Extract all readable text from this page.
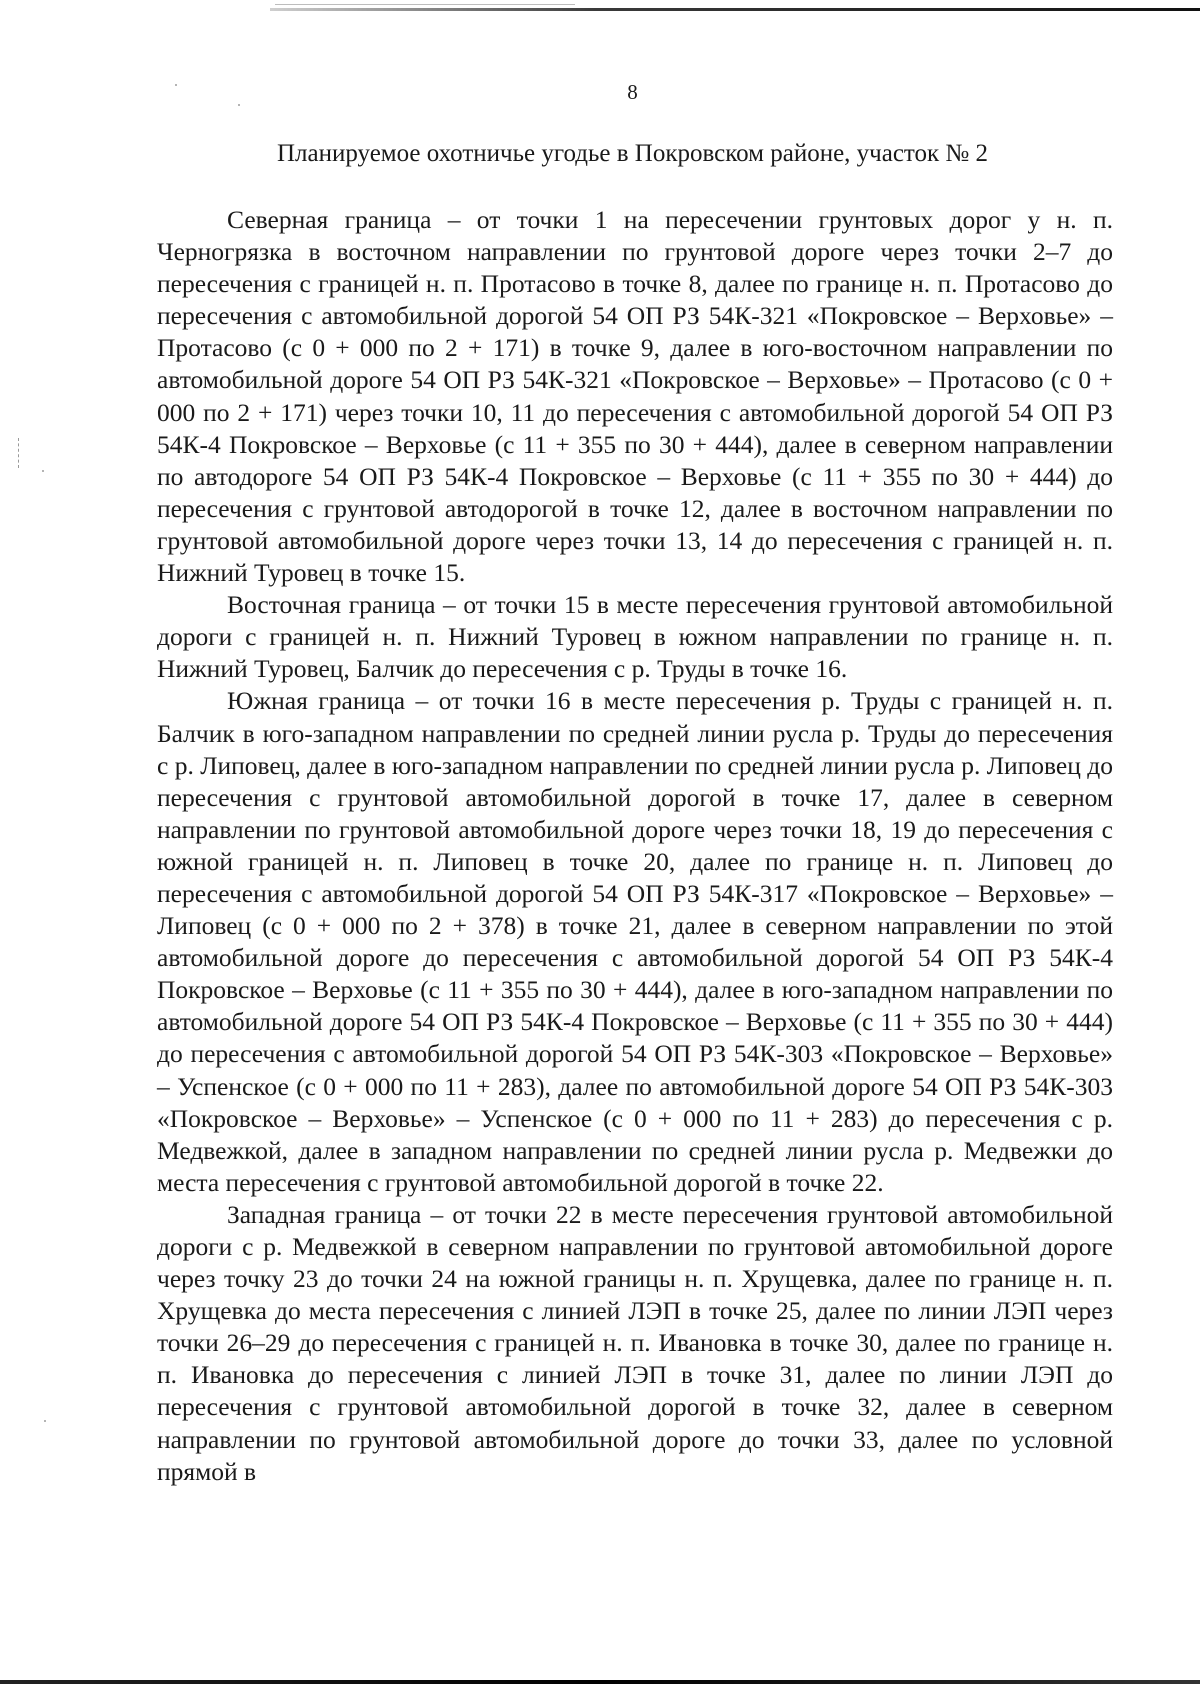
8
Планируемое охотничье угодье в Покровском районе, участок № 2

Северная граница – от точки 1 на пересечении грунтовых дорог у н. п. Черногрязка в восточном направлении по грунтовой дороге через точки 2–7 до пересечения с границей н. п. Протасово в точке 8, далее по границе н. п. Протасово до пересечения с автомобильной дорогой 54 ОП РЗ 54К-321 «Покровское – Верховье» – Протасово (с 0 + 000 по 2 + 171) в точке 9, далее в юго-восточном направлении по автомобильной дороге 54 ОП РЗ 54К-321 «Покровское – Верховье» – Протасово (с 0 + 000 по 2 + 171) через точки 10, 11 до пересечения с автомобильной дорогой 54 ОП РЗ 54К-4 Покровское – Верховье (с 11 + 355 по 30 + 444), далее в северном направлении по автодороге 54 ОП РЗ 54К-4 Покровское – Верховье (с 11 + 355 по 30 + 444) до пересечения с грунтовой автодорогой в точке 12, далее в восточном направлении по грунтовой автомобильной дороге через точки 13, 14 до пересечения с границей н. п. Нижний Туровец в точке 15.

Восточная граница – от точки 15 в месте пересечения грунтовой автомобильной дороги с границей н. п. Нижний Туровец в южном направлении по границе н. п. Нижний Туровец, Балчик до пересечения с р. Труды в точке 16.

Южная граница – от точки 16 в месте пересечения р. Труды с границей н. п. Балчик в юго-западном направлении по средней линии русла р. Труды до пересечения с р. Липовец, далее в юго-западном направлении по средней линии русла р. Липовец до пересечения с грунтовой автомобильной дорогой в точке 17, далее в северном направлении по грунтовой автомобильной дороге через точки 18, 19 до пересечения с южной границей н. п. Липовец в точке 20, далее по границе н. п. Липовец до пересечения с автомобильной дорогой 54 ОП РЗ 54К-317 «Покровское – Верховье» – Липовец (с 0 + 000 по 2 + 378) в точке 21, далее в северном направлении по этой автомобильной дороге до пересечения с автомобильной дорогой 54 ОП РЗ 54К-4 Покровское – Верховье (с 11 + 355 по 30 + 444), далее в юго-западном направлении по автомобильной дороге 54 ОП РЗ 54К-4 Покровское – Верховье (с 11 + 355 по 30 + 444) до пересечения с автомобильной дорогой 54 ОП РЗ 54К-303 «Покровское – Верховье» – Успенское (с 0 + 000 по 11 + 283), далее по автомобильной дороге 54 ОП РЗ 54К-303 «Покровское – Верховье» – Успенское (с 0 + 000 по 11 + 283) до пересечения с р. Медвежкой, далее в западном направлении по средней линии русла р. Медвежки до места пересечения с грунтовой автомобильной дорогой в точке 22.

Западная граница – от точки 22 в месте пересечения грунтовой автомобильной дороги с р. Медвежкой в северном направлении по грунтовой автомобильной дороге через точку 23 до точки 24 на южной границы н. п. Хрущевка, далее по границе н. п. Хрущевка до места пересечения с линией ЛЭП в точке 25, далее по линии ЛЭП через точки 26–29 до пересечения с границей н. п. Ивановка в точке 30, далее по границе н. п. Ивановка до пересечения с линией ЛЭП в точке 31, далее по линии ЛЭП до пересечения с грунтовой автомобильной дорогой в точке 32, далее в северном направлении по грунтовой автомобильной дороге до точки 33, далее по условной прямой в
